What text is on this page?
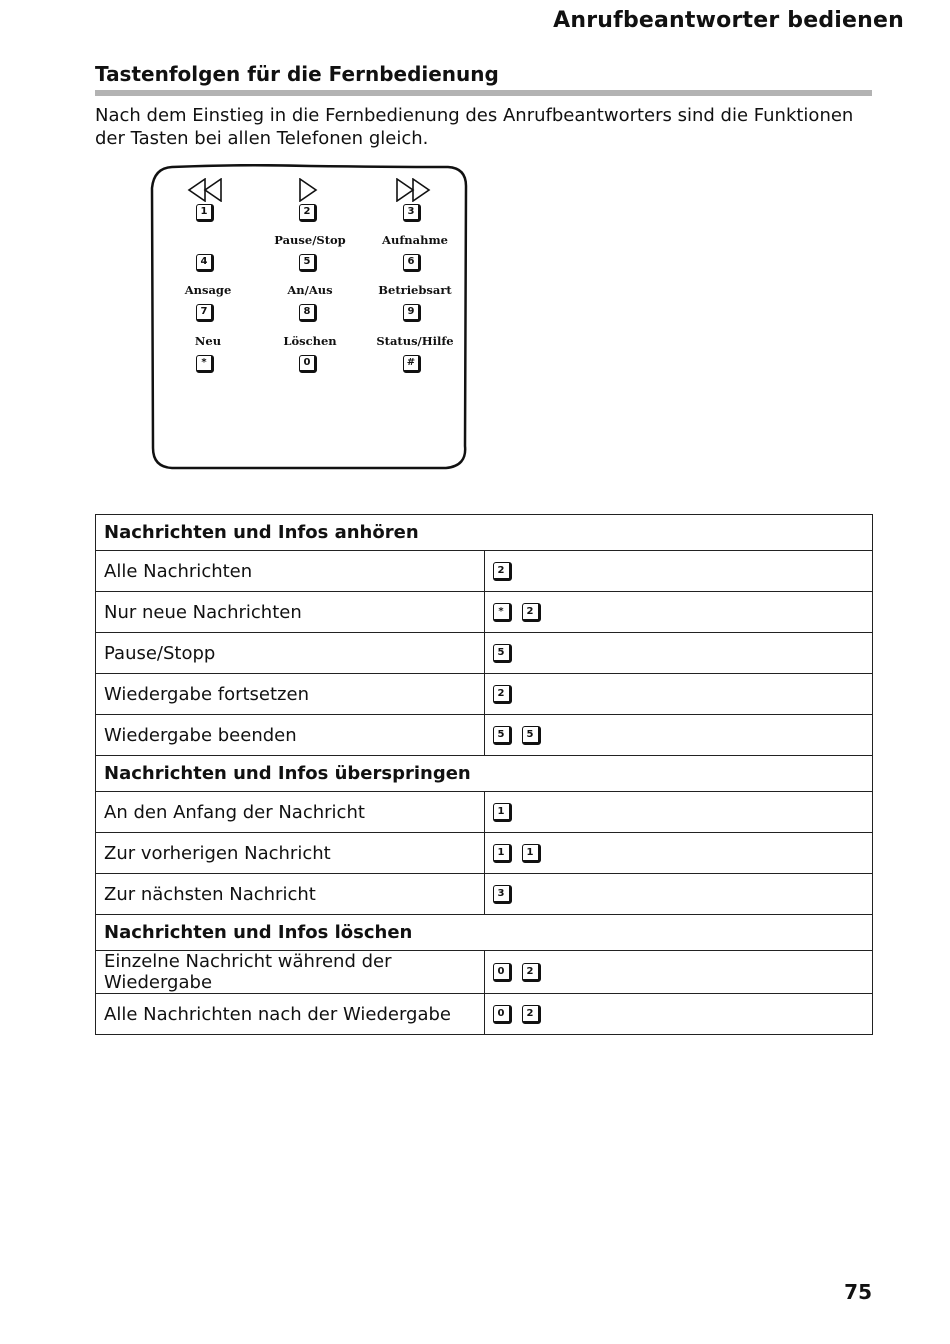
Anrufbeantworter bedienen
Tastenfolgen für die Fernbedienung
Nach dem Einstieg in die Fernbedienung des Anrufbeantworters sind die Funktionen der Tasten bei allen Telefonen gleich.
1	2	3
Pause/Stop	Aufnahme
4	5	6
Ansage	An/Aus	Betriebsart
7	8	9
Neu	Löschen	Status/Hilfe
*	0	#
Nachrichten und Infos anhören	
Alle Nachrichten	2
Nur neue Nachrichten	* 2
Pause/Stopp	5
Wiedergabe fortsetzen	2
Wiedergabe beenden	5 5
Nachrichten und Infos überspringen	
An den Anfang der Nachricht	1
Zur vorherigen Nachricht	1 1
Zur nächsten Nachricht	3
Nachrichten und Infos löschen	
Einzelne Nachricht während der Wiedergabe	0 2
Alle Nachrichten nach der Wiedergabe	0 2
75
